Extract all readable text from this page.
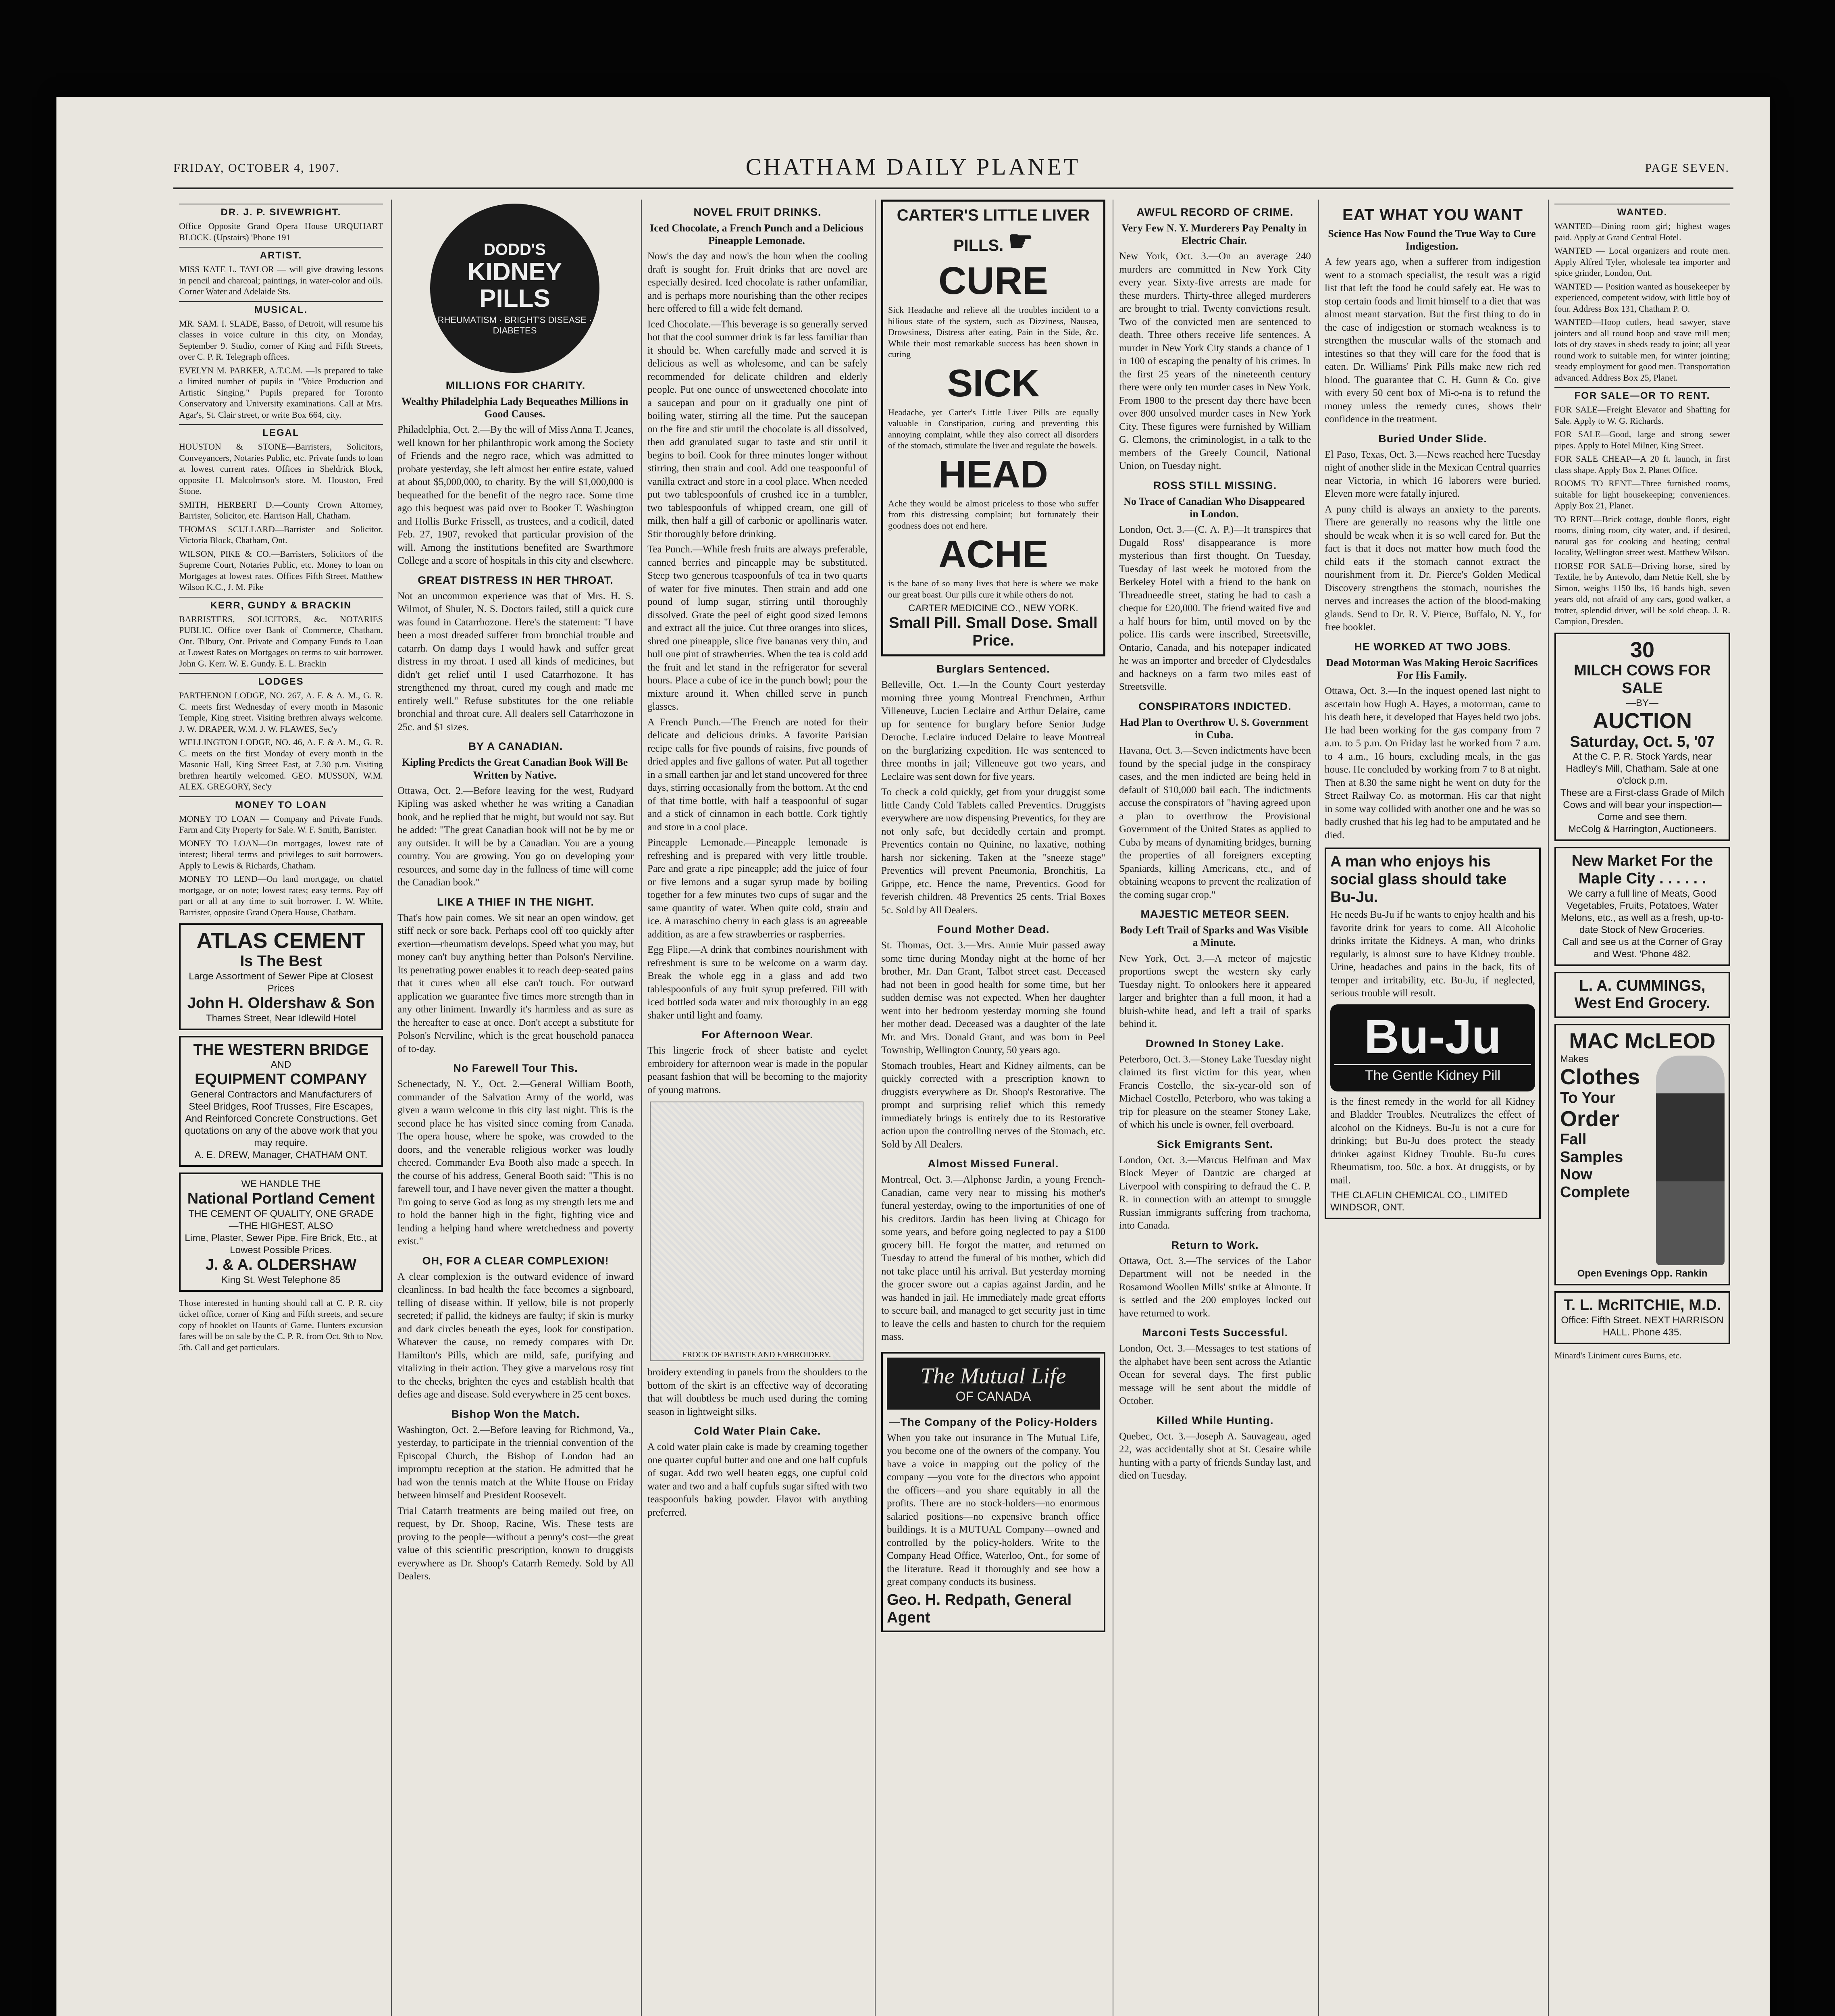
FRIDAY, OCTOBER 4, 1907.	CHATHAM DAILY PLANET	PAGE SEVEN.
DR. J. P. SIVEWRIGHT.

Office Opposite Grand Opera House URQUHART BLOCK. (Upstairs) 'Phone 191

ARTIST.

MISS KATE L. TAYLOR — will give drawing lessons in pencil and charcoal; paintings, in water-color and oils. Corner Water and Adelaide Sts.

MUSICAL.

MR. SAM. I. SLADE, Basso, of Detroit, will resume his classes in voice culture in this city, on Monday, September 9. Studio, corner of King and Fifth Streets, over C. P. R. Telegraph offices.

EVELYN M. PARKER, A.T.C.M. —Is prepared to take a limited number of pupils in "Voice Production and Artistic Singing." Pupils prepared for Toronto Conservatory and University examinations. Call at Mrs. Agar's, St. Clair street, or write Box 664, city.

LEGAL

HOUSTON & STONE—Barristers, Solicitors, Conveyancers, Notaries Public, etc. Private funds to loan at lowest current rates. Offices in Sheldrick Block, opposite H. Malcolmson's store. M. Houston, Fred Stone.

SMITH, HERBERT D.—County Crown Attorney, Barrister, Solicitor, etc. Harrison Hall, Chatham.

THOMAS SCULLARD—Barrister and Solicitor. Victoria Block, Chatham, Ont.

WILSON, PIKE & CO.—Barristers, Solicitors of the Supreme Court, Notaries Public, etc. Money to loan on Mortgages at lowest rates. Offices Fifth Street. Matthew Wilson K.C., J. M. Pike

KERR, GUNDY & BRACKIN

BARRISTERS, SOLICITORS, &c. NOTARIES PUBLIC. Office over Bank of Commerce, Chatham, Ont. Tilbury, Ont. Private and Company Funds to Loan at Lowest Rates on Mortgages on terms to suit borrower. John G. Kerr. W. E. Gundy. E. L. Brackin

LODGES

PARTHENON LODGE, NO. 267, A. F. & A. M., G. R. C. meets first Wednesday of every month in Masonic Temple, King street. Visiting brethren always welcome. J. W. DRAPER, W.M. J. W. FLAWES, Sec'y

WELLINGTON LODGE, NO. 46, A. F. & A. M., G. R. C. meets on the first Monday of every month in the Masonic Hall, King Street East, at 7.30 p.m. Visiting brethren heartily welcomed. GEO. MUSSON, W.M. ALEX. GREGORY, Sec'y

MONEY TO LOAN

MONEY TO LOAN — Company and Private Funds. Farm and City Property for Sale. W. F. Smith, Barrister.

MONEY TO LOAN—On mortgages, lowest rate of interest; liberal terms and privileges to suit borrowers. Apply to Lewis & Richards, Chatham.

MONEY TO LEND—On land mortgage, on chattel mortgage, or on note; lowest rates; easy terms. Pay off part or all at any time to suit borrower. J. W. White, Barrister, opposite Grand Opera House, Chatham.

ATLAS CEMENT
Is The Best
Large Assortment of Sewer Pipe at Closest Prices
John H. Oldershaw & Son
Thames Street, Near Idlewild Hotel
THE WESTERN BRIDGE
AND
EQUIPMENT COMPANY
General Contractors and Manufacturers of Steel Bridges, Roof Trusses, Fire Escapes, And Reinforced Concrete Constructions. Get quotations on any of the above work that you may require.
A. E. DREW, Manager, CHATHAM ONT.
WE HANDLE THE
National Portland Cement
THE CEMENT OF QUALITY, ONE GRADE—THE HIGHEST, ALSO
Lime, Plaster, Sewer Pipe, Fire Brick, Etc., at Lowest Possible Prices.
J. & A. OLDERSHAW
King St. West Telephone 85

Those interested in hunting should call at C. P. R. city ticket office, corner of King and Fifth streets, and secure copy of booklet on Haunts of Game. Hunters excursion fares will be on sale by the C. P. R. from Oct. 9th to Nov. 5th. Call and get particulars.

DODD'S
KIDNEY PILLS
RHEUMATISM · BRIGHT'S DISEASE · DIABETES
MILLIONS FOR CHARITY.
Wealthy Philadelphia Lady Bequeathes Millions in Good Causes.

Philadelphia, Oct. 2.—By the will of Miss Anna T. Jeanes, well known for her philanthropic work among the Society of Friends and the negro race, which was admitted to probate yesterday, she left almost her entire estate, valued at about $5,000,000, to charity. By the will $1,000,000 is bequeathed for the benefit of the negro race. Some time ago this bequest was paid over to Booker T. Washington and Hollis Burke Frissell, as trustees, and a codicil, dated Feb. 27, 1907, revoked that particular provision of the will. Among the institutions benefited are Swarthmore College and a score of hospitals in this city and elsewhere.

GREAT DISTRESS IN HER THROAT.

Not an uncommon experience was that of Mrs. H. S. Wilmot, of Shuler, N. S. Doctors failed, still a quick cure was found in Catarrhozone. Here's the statement: "I have been a most dreaded sufferer from bronchial trouble and catarrh. On damp days I would hawk and suffer great distress in my throat. I used all kinds of medicines, but didn't get relief until I used Catarrhozone. It has strengthened my throat, cured my cough and made me entirely well." Refuse substitutes for the one reliable bronchial and throat cure. All dealers sell Catarrhozone in 25c. and $1 sizes.

BY A CANADIAN.
Kipling Predicts the Great Canadian Book Will Be Written by Native.

Ottawa, Oct. 2.—Before leaving for the west, Rudyard Kipling was asked whether he was writing a Canadian book, and he replied that he might, but would not say. But he added: "The great Canadian book will not be by me or any outsider. It will be by a Canadian. You are a young country. You are growing. You go on developing your resources, and some day in the fullness of time will come the Canadian book."

LIKE A THIEF IN THE NIGHT.

That's how pain comes. We sit near an open window, get stiff neck or sore back. Perhaps cool off too quickly after exertion—rheumatism develops. Speed what you may, but money can't buy anything better than Polson's Nerviline. Its penetrating power enables it to reach deep-seated pains that it cures when all else can't touch. For outward application we guarantee five times more strength than in any other liniment. Inwardly it's harmless and as sure as the hereafter to ease at once. Don't accept a substitute for Polson's Nerviline, which is the great household panacea of to-day.

No Farewell Tour This.

Schenectady, N. Y., Oct. 2.—General William Booth, commander of the Salvation Army of the world, was given a warm welcome in this city last night. This is the second place he has visited since coming from Canada. The opera house, where he spoke, was crowded to the doors, and the venerable religious worker was loudly cheered. Commander Eva Booth also made a speech. In the course of his address, General Booth said: "This is no farewell tour, and I have never given the matter a thought. I'm going to serve God as long as my strength lets me and to hold the banner high in the fight, fighting vice and lending a helping hand where wretchedness and poverty exist."

OH, FOR A CLEAR COMPLEXION!

A clear complexion is the outward evidence of inward cleanliness. In bad health the face becomes a signboard, telling of disease within. If yellow, bile is not properly secreted; if pallid, the kidneys are faulty; if skin is murky and dark circles beneath the eyes, look for constipation. Whatever the cause, no remedy compares with Dr. Hamilton's Pills, which are mild, safe, purifying and vitalizing in their action. They give a marvelous rosy tint to the cheeks, brighten the eyes and establish health that defies age and disease. Sold everywhere in 25 cent boxes.

Bishop Won the Match.

Washington, Oct. 2.—Before leaving for Richmond, Va., yesterday, to participate in the triennial convention of the Episcopal Church, the Bishop of London had an impromptu reception at the station. He admitted that he had won the tennis match at the White House on Friday between himself and President Roosevelt.

Trial Catarrh treatments are being mailed out free, on request, by Dr. Shoop, Racine, Wis. These tests are proving to the people—without a penny's cost—the great value of this scientific prescription, known to druggists everywhere as Dr. Shoop's Catarrh Remedy. Sold by All Dealers.

NOVEL FRUIT DRINKS.
Iced Chocolate, a French Punch and a Delicious Pineapple Lemonade.

Now's the day and now's the hour when the cooling draft is sought for. Fruit drinks that are novel are especially desired. Iced chocolate is rather unfamiliar, and is perhaps more nourishing than the other recipes here offered to fill a wide felt demand.

Iced Chocolate.—This beverage is so generally served hot that the cool summer drink is far less familiar than it should be. When carefully made and served it is delicious as well as wholesome, and can be safely recommended for delicate children and elderly people. Put one ounce of unsweetened chocolate into a saucepan and pour on it gradually one pint of boiling water, stirring all the time. Put the saucepan on the fire and stir until the chocolate is all dissolved, then add granulated sugar to taste and stir until it begins to boil. Cook for three minutes longer without stirring, then strain and cool. Add one teaspoonful of vanilla extract and store in a cool place. When needed put two tablespoonfuls of crushed ice in a tumbler, two tablespoonfuls of whipped cream, one gill of milk, then half a gill of carbonic or apollinaris water. Stir thoroughly before drinking.

Tea Punch.—While fresh fruits are always preferable, canned berries and pineapple may be substituted. Steep two generous teaspoonfuls of tea in two quarts of water for five minutes. Then strain and add one pound of lump sugar, stirring until thoroughly dissolved. Grate the peel of eight good sized lemons and extract all the juice. Cut three oranges into slices, shred one pineapple, slice five bananas very thin, and hull one pint of strawberries. When the tea is cold add the fruit and let stand in the refrigerator for several hours. Place a cube of ice in the punch bowl; pour the mixture around it. When chilled serve in punch glasses.

A French Punch.—The French are noted for their delicate and delicious drinks. A favorite Parisian recipe calls for five pounds of raisins, five pounds of dried apples and five gallons of water. Put all together in a small earthen jar and let stand uncovered for three days, stirring occasionally from the bottom. At the end of that time bottle, with half a teaspoonful of sugar and a stick of cinnamon in each bottle. Cork tightly and store in a cool place.

Pineapple Lemonade.—Pineapple lemonade is refreshing and is prepared with very little trouble. Pare and grate a ripe pineapple; add the juice of four or five lemons and a sugar syrup made by boiling together for a few minutes two cups of sugar and the same quantity of water. When quite cold, strain and ice. A maraschino cherry in each glass is an agreeable addition, as are a few strawberries or raspberries.

Egg Flipe.—A drink that combines nourishment with refreshment is sure to be welcome on a warm day. Break the whole egg in a glass and add two tablespoonfuls of any fruit syrup preferred. Fill with iced bottled soda water and mix thoroughly in an egg shaker until light and foamy.

For Afternoon Wear.

This lingerie frock of sheer batiste and eyelet embroidery for afternoon wear is made in the popular peasant fashion that will be becoming to the majority of young matrons.

FROCK OF BATISTE AND EMBROIDERY.

broidery extending in panels from the shoulders to the bottom of the skirt is an effective way of decorating that will doubtless be much used during the coming season in lightweight silks.

Cold Water Plain Cake.

A cold water plain cake is made by creaming together one quarter cupful butter and one and one half cupfuls of sugar. Add two well beaten eggs, one cupful cold water and two and a half cupfuls sugar sifted with two teaspoonfuls baking powder. Flavor with anything preferred.

CARTER'S LITTLE LIVER PILLS. ☛
CURE

Sick Headache and relieve all the troubles incident to a bilious state of the system, such as Dizziness, Nausea, Drowsiness, Distress after eating, Pain in the Side, &c. While their most remarkable success has been shown in curing

SICK

Headache, yet Carter's Little Liver Pills are equally valuable in Constipation, curing and preventing this annoying complaint, while they also correct all disorders of the stomach, stimulate the liver and regulate the bowels.

HEAD

Ache they would be almost priceless to those who suffer from this distressing complaint; but fortunately their goodness does not end here.

ACHE

is the bane of so many lives that here is where we make our great boast. Our pills cure it while others do not.

CARTER MEDICINE CO., NEW YORK.
Small Pill. Small Dose. Small Price.
Burglars Sentenced.

Belleville, Oct. 1.—In the County Court yesterday morning three young Montreal Frenchmen, Arthur Villeneuve, Lucien Leclaire and Arthur Delaire, came up for sentence for burglary before Senior Judge Deroche. Leclaire induced Delaire to leave Montreal on the burglarizing expedition. He was sentenced to three months in jail; Villeneuve got two years, and Leclaire was sent down for five years.

To check a cold quickly, get from your druggist some little Candy Cold Tablets called Preventics. Druggists everywhere are now dispensing Preventics, for they are not only safe, but decidedly certain and prompt. Preventics contain no Quinine, no laxative, nothing harsh nor sickening. Taken at the "sneeze stage" Preventics will prevent Pneumonia, Bronchitis, La Grippe, etc. Hence the name, Preventics. Good for feverish children. 48 Preventics 25 cents. Trial Boxes 5c. Sold by All Dealers.

Found Mother Dead.

St. Thomas, Oct. 3.—Mrs. Annie Muir passed away some time during Monday night at the home of her brother, Mr. Dan Grant, Talbot street east. Deceased had not been in good health for some time, but her sudden demise was not expected. When her daughter went into her bedroom yesterday morning she found her mother dead. Deceased was a daughter of the late Mr. and Mrs. Donald Grant, and was born in Peel Township, Wellington County, 50 years ago.

Stomach troubles, Heart and Kidney ailments, can be quickly corrected with a prescription known to druggists everywhere as Dr. Shoop's Restorative. The prompt and surprising relief which this remedy immediately brings is entirely due to its Restorative action upon the controlling nerves of the Stomach, etc. Sold by All Dealers.

Almost Missed Funeral.

Montreal, Oct. 3.—Alphonse Jardin, a young French-Canadian, came very near to missing his mother's funeral yesterday, owing to the importunities of one of his creditors. Jardin has been living at Chicago for some years, and before going neglected to pay a $100 grocery bill. He forgot the matter, and returned on Tuesday to attend the funeral of his mother, which did not take place until his arrival. But yesterday morning the grocer swore out a capias against Jardin, and he was handed in jail. He immediately made great efforts to secure bail, and managed to get security just in time to leave the cells and hasten to church for the requiem mass.

The Mutual Life
OF CANADA
—The Company of the Policy-Holders

When you take out insurance in The Mutual Life, you become one of the owners of the company. You have a voice in mapping out the policy of the company —you vote for the directors who appoint the officers—and you share equitably in all the profits. There are no stock-holders—no enormous salaried positions—no expensive branch office buildings. It is a MUTUAL Company—owned and controlled by the policy-holders. Write to the Company Head Office, Waterloo, Ont., for some of the literature. Read it thoroughly and see how a great company conducts its business.

Geo. H. Redpath, General Agent
AWFUL RECORD OF CRIME.
Very Few N. Y. Murderers Pay Penalty in Electric Chair.

New York, Oct. 3.—On an average 240 murders are committed in New York City every year. Sixty-five arrests are made for these murders. Thirty-three alleged murderers are brought to trial. Twenty convictions result. Two of the convicted men are sentenced to death. Three others receive life sentences. A murder in New York City stands a chance of 1 in 100 of escaping the penalty of his crimes. In the first 25 years of the nineteenth century there were only ten murder cases in New York. From 1900 to the present day there have been over 800 unsolved murder cases in New York City. These figures were furnished by William G. Clemons, the criminologist, in a talk to the members of the Greely Council, National Union, on Tuesday night.

ROSS STILL MISSING.
No Trace of Canadian Who Disappeared in London.

London, Oct. 3.—(C. A. P.)—It transpires that Dugald Ross' disappearance is more mysterious than first thought. On Tuesday, Tuesday of last week he motored from the Berkeley Hotel with a friend to the bank on Threadneedle street, stating he had to cash a cheque for £20,000. The friend waited five and a half hours for him, until moved on by the police. His cards were inscribed, Streetsville, Ontario, Canada, and his notepaper indicated he was an importer and breeder of Clydesdales and hackneys on a farm two miles east of Streetsville.

CONSPIRATORS INDICTED.
Had Plan to Overthrow U. S. Government in Cuba.

Havana, Oct. 3.—Seven indictments have been found by the special judge in the conspiracy cases, and the men indicted are being held in default of $10,000 bail each. The indictments accuse the conspirators of "having agreed upon a plan to overthrow the Provisional Government of the United States as applied to Cuba by means of dynamiting bridges, burning the properties of all foreigners excepting Spaniards, killing Americans, etc., and of obtaining weapons to prevent the realization of the coming sugar crop."

MAJESTIC METEOR SEEN.
Body Left Trail of Sparks and Was Visible a Minute.

New York, Oct. 3.—A meteor of majestic proportions swept the western sky early Tuesday night. To onlookers here it appeared larger and brighter than a full moon, it had a bluish-white head, and left a trail of sparks behind it.

Drowned In Stoney Lake.

Peterboro, Oct. 3.—Stoney Lake Tuesday night claimed its first victim for this year, when Francis Costello, the six-year-old son of Michael Costello, Peterboro, who was taking a trip for pleasure on the steamer Stoney Lake, of which his uncle is owner, fell overboard.

Sick Emigrants Sent.

London, Oct. 3.—Marcus Helfman and Max Block Meyer of Dantzic are charged at Liverpool with conspiring to defraud the C. P. R. in connection with an attempt to smuggle Russian immigrants suffering from trachoma, into Canada.

Return to Work.

Ottawa, Oct. 3.—The services of the Labor Department will not be needed in the Rosamond Woollen Mills' strike at Almonte. It is settled and the 200 employes locked out have returned to work.

Marconi Tests Successful.

London, Oct. 3.—Messages to test stations of the alphabet have been sent across the Atlantic Ocean for several days. The first public message will be sent about the middle of October.

Killed While Hunting.

Quebec, Oct. 3.—Joseph A. Sauvageau, aged 22, was accidentally shot at St. Cesaire while hunting with a party of friends Sunday last, and died on Tuesday.

EAT WHAT YOU WANT
Science Has Now Found the True Way to Cure Indigestion.

A few years ago, when a sufferer from indigestion went to a stomach specialist, the result was a rigid list that left the food he could safely eat. He was to stop certain foods and limit himself to a diet that was almost meant starvation. But the first thing to do in the case of indigestion or stomach weakness is to strengthen the muscular walls of the stomach and intestines so that they will care for the food that is eaten. Dr. Williams' Pink Pills make new rich red blood. The guarantee that C. H. Gunn & Co. give with every 50 cent box of Mi-o-na is to refund the money unless the remedy cures, shows their confidence in the treatment.

Buried Under Slide.

El Paso, Texas, Oct. 3.—News reached here Tuesday night of another slide in the Mexican Central quarries near Victoria, in which 16 laborers were buried. Eleven more were fatally injured.

A puny child is always an anxiety to the parents. There are generally no reasons why the little one should be weak when it is so well cared for. But the fact is that it does not matter how much food the child eats if the stomach cannot extract the nourishment from it. Dr. Pierce's Golden Medical Discovery strengthens the stomach, nourishes the nerves and increases the action of the blood-making glands. Send to Dr. R. V. Pierce, Buffalo, N. Y., for free booklet.

HE WORKED AT TWO JOBS.
Dead Motorman Was Making Heroic Sacrifices For His Family.

Ottawa, Oct. 3.—In the inquest opened last night to ascertain how Hugh A. Hayes, a motorman, came to his death here, it developed that Hayes held two jobs. He had been working for the gas company from 7 a.m. to 5 p.m. On Friday last he worked from 7 a.m. to 4 a.m., 16 hours, excluding meals, in the gas house. He concluded by working from 7 to 8 at night. Then at 8.30 the same night he went on duty for the Street Railway Co. as motorman. His car that night in some way collided with another one and he was so badly crushed that his leg had to be amputated and he died.

A man who enjoys his social glass should take Bu-Ju.

He needs Bu-Ju if he wants to enjoy health and his favorite drink for years to come. All Alcoholic drinks irritate the Kidneys. A man, who drinks regularly, is almost sure to have Kidney trouble. Urine, headaches and pains in the back, fits of temper and irritability, etc. Bu-Ju, if neglected, serious trouble will result.

Bu-Ju
The Gentle Kidney Pill

is the finest remedy in the world for all Kidney and Bladder Troubles. Neutralizes the effect of alcohol on the Kidneys. Bu-Ju is not a cure for drinking; but Bu-Ju does protect the steady drinker against Kidney Trouble. Bu-Ju cures Rheumatism, too. 50c. a box. At druggists, or by mail.

THE CLAFLIN CHEMICAL CO., LIMITED WINDSOR, ONT.
WANTED.

WANTED—Dining room girl; highest wages paid. Apply at Grand Central Hotel.

WANTED — Local organizers and route men. Apply Alfred Tyler, wholesale tea importer and spice grinder, London, Ont.

WANTED — Position wanted as housekeeper by experienced, competent widow, with little boy of four. Address Box 131, Chatham P. O.

WANTED—Hoop cutlers, head sawyer, stave jointers and all round hoop and stave mill men; lots of dry staves in sheds ready to joint; all year round work to suitable men, for winter jointing; steady employment for good men. Transportation advanced. Address Box 25, Planet.

FOR SALE—OR TO RENT.

FOR SALE—Freight Elevator and Shafting for Sale. Apply to W. G. Richards.

FOR SALE—Good, large and strong sewer pipes. Apply to Hotel Milner, King Street.

FOR SALE CHEAP—A 20 ft. launch, in first class shape. Apply Box 2, Planet Office.

ROOMS TO RENT—Three furnished rooms, suitable for light housekeeping; conveniences. Apply Box 21, Planet.

TO RENT—Brick cottage, double floors, eight rooms, dining room, city water, and, if desired, natural gas for cooking and heating; central locality, Wellington street west. Matthew Wilson.

HORSE FOR SALE—Driving horse, sired by Textile, he by Antevolo, dam Nettie Kell, she by Simon, weighs 1150 lbs, 16 hands high, seven years old, not afraid of any cars, good walker, a trotter, splendid driver, will be sold cheap. J. R. Campion, Dresden.

30
MILCH COWS FOR SALE
—BY—
AUCTION
Saturday, Oct. 5, '07
At the C. P. R. Stock Yards, near Hadley's Mill, Chatham. Sale at one o'clock p.m.
These are a First-class Grade of Milch Cows and will bear your inspection—Come and see them.
McColg & Harrington, Auctioneers.
New Market For the
Maple City . . . . . .
We carry a full line of Meats, Good Vegetables, Fruits, Potatoes, Water Melons, etc., as well as a fresh, up-to-date Stock of New Groceries.
Call and see us at the Corner of Gray and West. 'Phone 482.
L. A. CUMMINGS,
West End Grocery.
MAC McLEOD
Makes
Clothes
To Your
Order
Fall Samples Now Complete
Open Evenings Opp. Rankin
T. L. McRITCHIE, M.D.
Office: Fifth Street. NEXT HARRISON HALL. Phone 435.

Minard's Liniment cures Burns, etc.
